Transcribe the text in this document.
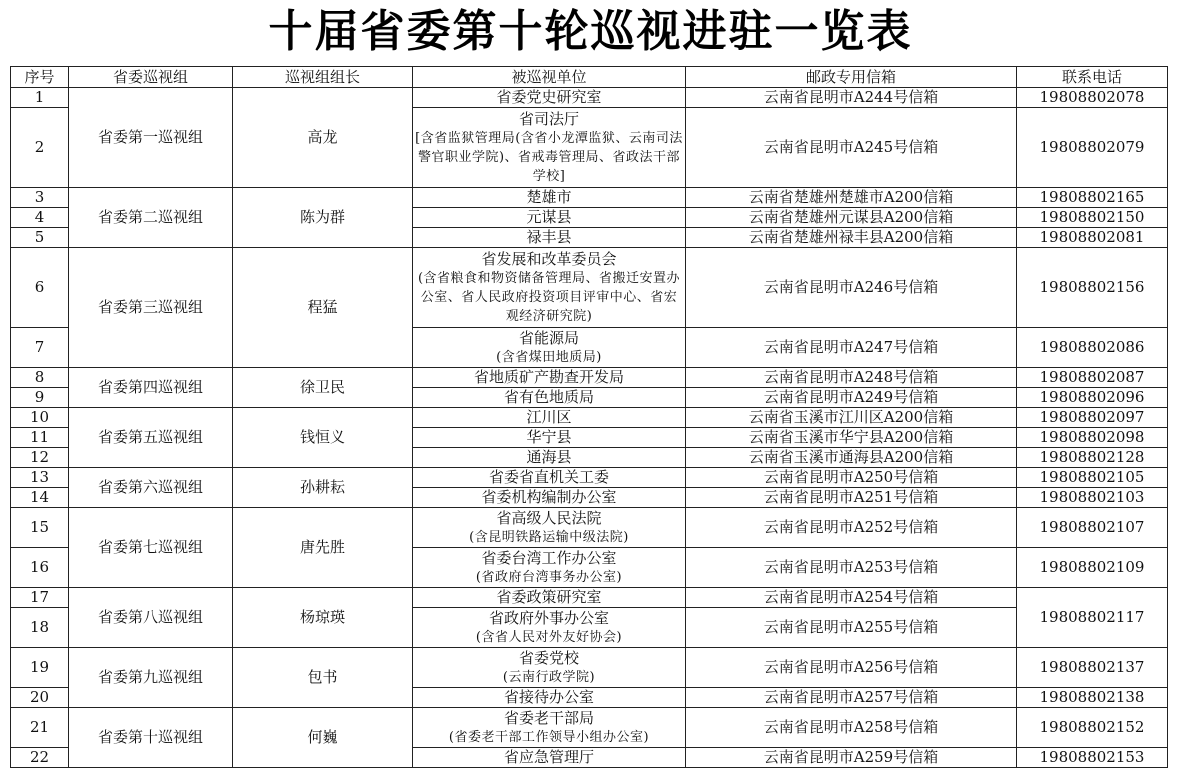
十届省委第十轮巡视进驻一览表
序号	省委巡视组	巡视组组长	被巡视单位	邮政专用信箱	联系电话
1	省委第一巡视组	高龙	省委党史研究室	云南省昆明市A244号信箱	19808802078
2			省司法厅
[含省监狱管理局(含省小龙潭监狱、云南司法警官职业学院)、省戒毒管理局、省政法干部学校]	云南省昆明市A245号信箱	19808802079
3	省委第二巡视组	陈为群	楚雄市	云南省楚雄州楚雄市A200信箱	19808802165
4			元谋县	云南省楚雄州元谋县A200信箱	19808802150
5			禄丰县	云南省楚雄州禄丰县A200信箱	19808802081
6	省委第三巡视组	程猛	省发展和改革委员会
(含省粮食和物资储备管理局、省搬迁安置办公室、省人民政府投资项目评审中心、省宏观经济研究院)	云南省昆明市A246号信箱	19808802156
7			省能源局
(含省煤田地质局)	云南省昆明市A247号信箱	19808802086
8	省委第四巡视组	徐卫民	省地质矿产勘查开发局	云南省昆明市A248号信箱	19808802087
9			省有色地质局	云南省昆明市A249号信箱	19808802096
10	省委第五巡视组	钱恒义	江川区	云南省玉溪市江川区A200信箱	19808802097
11			华宁县	云南省玉溪市华宁县A200信箱	19808802098
12			通海县	云南省玉溪市通海县A200信箱	19808802128
13	省委第六巡视组	孙耕耘	省委省直机关工委	云南省昆明市A250号信箱	19808802105
14			省委机构编制办公室	云南省昆明市A251号信箱	19808802103
15	省委第七巡视组	唐先胜	省高级人民法院
(含昆明铁路运输中级法院)	云南省昆明市A252号信箱	19808802107
16			省委台湾工作办公室
(省政府台湾事务办公室)	云南省昆明市A253号信箱	19808802109
17	省委第八巡视组	杨琼瑛	省委政策研究室	云南省昆明市A254号信箱	19808802117
18			省政府外事办公室
(含省人民对外友好协会)	云南省昆明市A255号信箱	
19	省委第九巡视组	包书	省委党校
(云南行政学院)	云南省昆明市A256号信箱	19808802137
20			省接待办公室	云南省昆明市A257号信箱	19808802138
21	省委第十巡视组	何巍	省委老干部局
(省委老干部工作领导小组办公室)	云南省昆明市A258号信箱	19808802152
22			省应急管理厅	云南省昆明市A259号信箱	19808802153
